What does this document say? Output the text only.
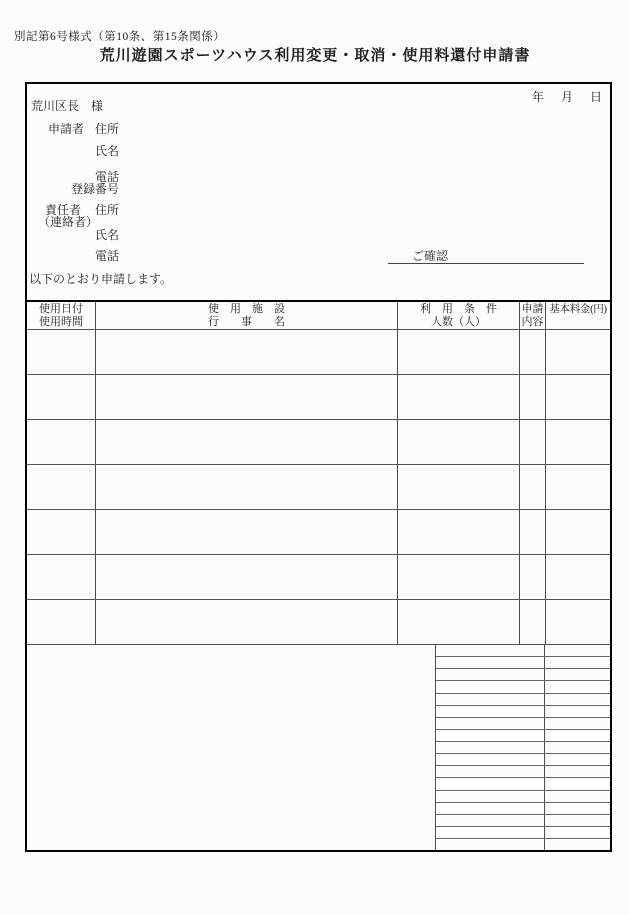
別記第6号様式（第10条、第15条関係）
荒川遊園スポーツハウス利用変更・取消・使用料還付申請書
年 月 日
荒川区長　様
申請者 住所
氏名
電話
登録番号
責任者 住所
（連絡者）
氏名
電話	ご確認
以下のとおり申請します。
使用日付
使用時間
使　用　施　設
行　　事　　名
利　用　条　件
人数（人）
申請
内容
基本料金(円)
